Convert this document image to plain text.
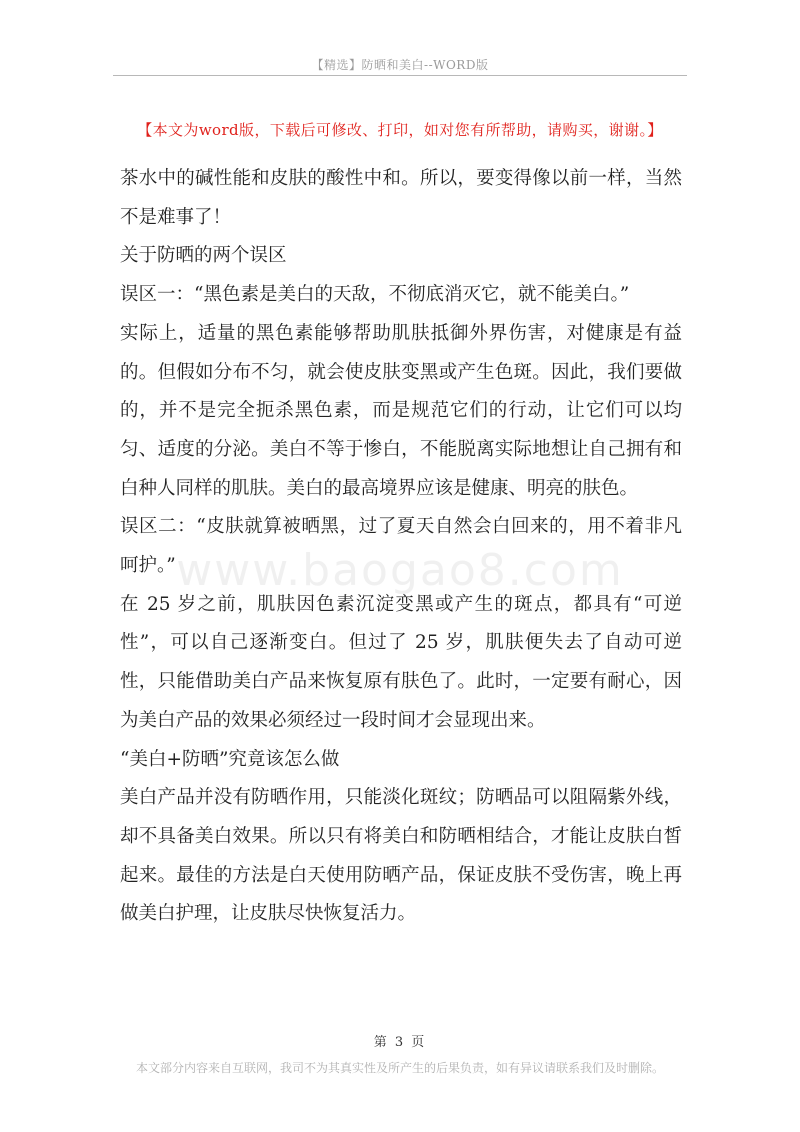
【精选】防晒和美白--WORD版
【本文为word版，下载后可修改、打印，如对您有所帮助，请购买，谢谢。】
www.baogao8.com

茶水中的碱性能和皮肤的酸性中和。所以，要变得像以前一样，当然不是难事了！

关于防晒的两个误区

误区一：“黑色素是美白的天敌，不彻底消灭它，就不能美白。”

实际上，适量的黑色素能够帮助肌肤抵御外界伤害，对健康是有益的。但假如分布不匀，就会使皮肤变黑或产生色斑。因此，我们要做的，并不是完全扼杀黑色素，而是规范它们的行动，让它们可以均匀、适度的分泌。美白不等于惨白，不能脱离实际地想让自己拥有和白种人同样的肌肤。美白的最高境界应该是健康、明亮的肤色。

误区二：“皮肤就算被晒黑，过了夏天自然会白回来的，用不着非凡呵护。”

在 25 岁之前，肌肤因色素沉淀变黑或产生的斑点，都具有“可逆性”，可以自己逐渐变白。但过了 25 岁，肌肤便失去了自动可逆性，只能借助美白产品来恢复原有肤色了。此时，一定要有耐心，因为美白产品的效果必须经过一段时间才会显现出来。

“美白+防晒”究竟该怎么做

美白产品并没有防晒作用，只能淡化斑纹；防晒品可以阻隔紫外线，却不具备美白效果。所以只有将美白和防晒相结合，才能让皮肤白皙起来。最佳的方法是白天使用防晒产品，保证皮肤不受伤害，晚上再做美白护理，让皮肤尽快恢复活力。

第 3 页
本文部分内容来自互联网，我司不为其真实性及所产生的后果负责，如有异议请联系我们及时删除。
